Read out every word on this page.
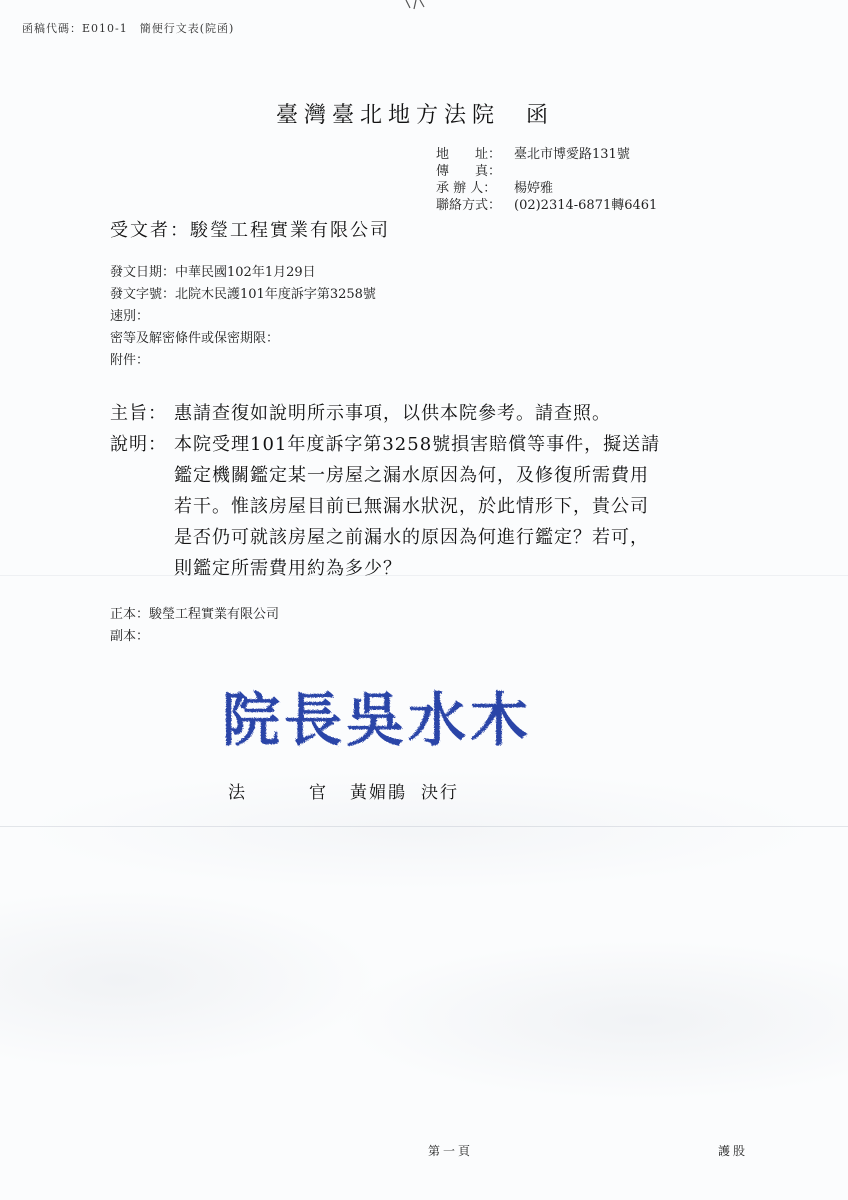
函稿代碼：E010-1　簡便行文表(院函)
臺灣臺北地方法院 函
地　　址： 臺北市博愛路131號
傳　　真：
承 辦 人：	楊婷雅
聯絡方式： (02)2314-6871轉6461
受文者：駿瑩工程實業有限公司
發文日期：中華民國102年1月29日
發文字號：北院木民護101年度訴字第3258號
速別：
密等及解密條件或保密期限：
附件：
主旨： 惠請查復如說明所示事項，以供本院參考。請查照。
說明： 本院受理101年度訴字第3258號損害賠償等事件，擬送請
鑑定機關鑑定某一房屋之漏水原因為何，及修復所需費用
若干。惟該房屋目前已無漏水狀況，於此情形下，貴公司
是否仍可就該房屋之前漏水的原因為何進行鑑定？若可，
則鑑定所需費用約為多少？
正本：駿瑩工程實業有限公司
副本：
院長吳水木
法	官 黃媚鵑 決行
第一頁	護股
